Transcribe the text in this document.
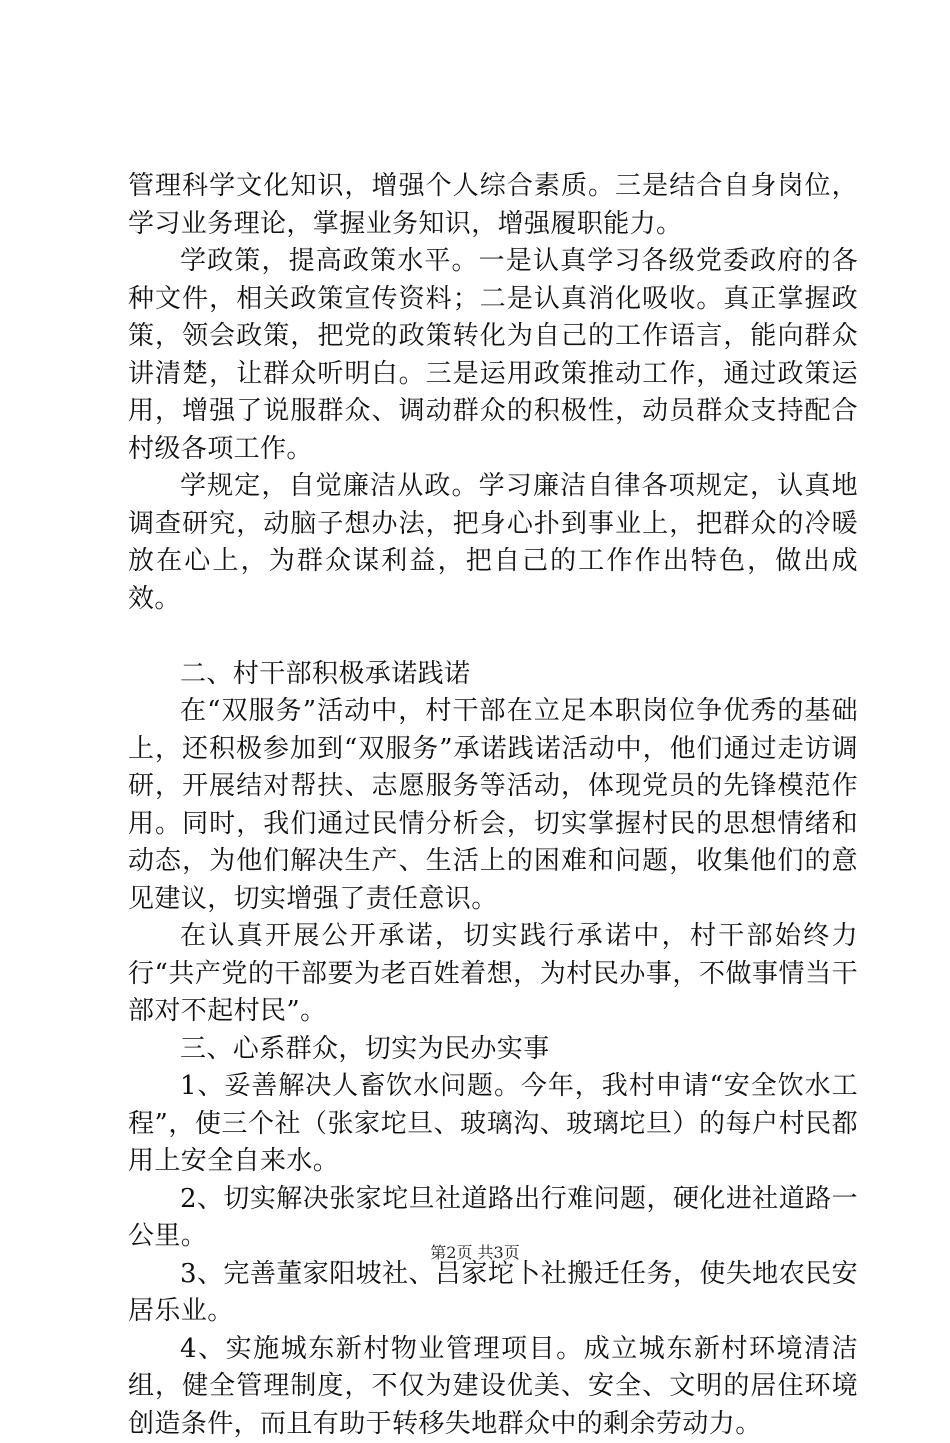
管理科学文化知识，增强个人综合素质。三是结合自身岗位，学习业务理论，掌握业务知识，增强履职能力。

学政策，提高政策水平。一是认真学习各级党委政府的各种文件，相关政策宣传资料；二是认真消化吸收。真正掌握政策，领会政策，把党的政策转化为自己的工作语言，能向群众讲清楚，让群众听明白。三是运用政策推动工作，通过政策运用，增强了说服群众、调动群众的积极性，动员群众支持配合村级各项工作。

学规定，自觉廉洁从政。学习廉洁自律各项规定，认真地调查研究，动脑子想办法，把身心扑到事业上，把群众的冷暖放在心上，为群众谋利益，把自己的工作作出特色，做出成效。

二、村干部积极承诺践诺

在“双服务”活动中，村干部在立足本职岗位争优秀的基础上，还积极参加到“双服务”承诺践诺活动中，他们通过走访调研，开展结对帮扶、志愿服务等活动，体现党员的先锋模范作用。同时，我们通过民情分析会，切实掌握村民的思想情绪和动态，为他们解决生产、生活上的困难和问题，收集他们的意见建议，切实增强了责任意识。

在认真开展公开承诺，切实践行承诺中，村干部始终力行“共产党的干部要为老百姓着想，为村民办事，不做事情当干部对不起村民”。

三、心系群众，切实为民办实事

1、妥善解决人畜饮水问题。今年，我村申请“安全饮水工程”，使三个社（张家坨旦、玻璃沟、玻璃坨旦）的每户村民都用上安全自来水。

2、切实解决张家坨旦社道路出行难问题，硬化进社道路一公里。

3、完善董家阳坡社、吕家坨卜社搬迁任务，使失地农民安居乐业。

4、实施城东新村物业管理项目。成立城东新村环境清洁组，健全管理制度，不仅为建设优美、安全、文明的居住环境创造条件，而且有助于转移失地群众中的剩余劳动力。

第2页 共3页
